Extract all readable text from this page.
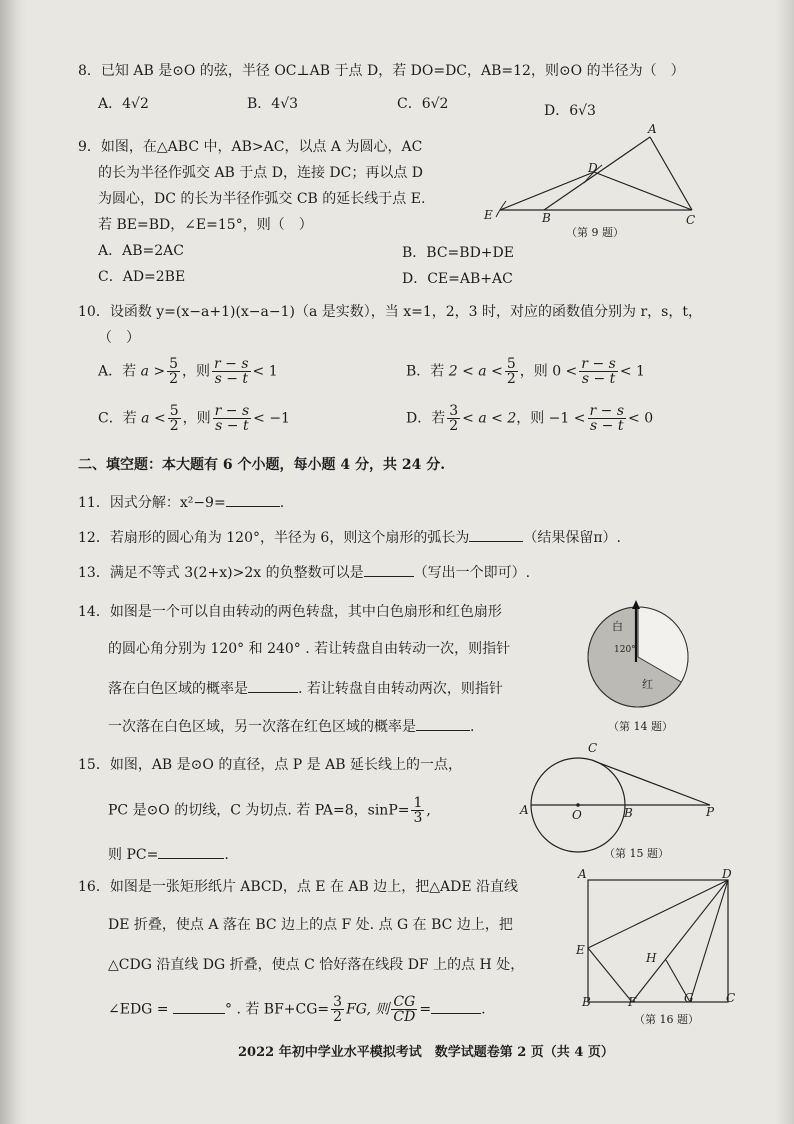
8．已知 AB 是⊙O 的弦，半径 OC⊥AB 于点 D，若 DO=DC，AB=12，则⊙O 的半径为（　）
A．4√2	B．4√3	C．6√2	D．6√3
9．如图，在△ABC 中，AB>AC，以点 A 为圆心，AC
的长为半径作弧交 AB 于点 D，连接 DC；再以点 D
为圆心，DC 的长为半径作弧交 CB 的延长线于点 E.
若 BE=BD，∠E=15°，则（　）
A．AB=2AC	B．BC=BD+DE
C．AD=2BE	D．CE=AB+AC
A
D
E	B	C
（第 9 题）
10．设函数 y=(x−a+1)(x−a−1)（a 是实数），当 x=1，2，3 时，对应的函数值分别为 r，s，t，
（　）
A．若 $a > \frac{5}{2}$ ，则 $\frac{r - s}{s - t} < 1$	B．若 $2 < a < \frac{5}{2}$ ，则 $0 < \frac{r - s}{s - t} < 1$
C．若 $a < \frac{5}{2}$ ，则 $\frac{r - s}{s - t} < -1$	D．若 $\frac{3}{2} < a < 2$，则 $-1 < \frac{r - s}{s - t} < 0$
二、填空题：本大题有 6 个小题，每小题 4 分，共 24 分.
11．因式分解：x²−9=	.
12．若扇形的圆心角为 120°，半径为 6，则这个扇形的弧长为	（结果保留π）.
13．满足不等式 3(2+x)>2x 的负整数可以是	（写出一个即可）.
14．如图是一个可以自由转动的两色转盘，其中白色扇形和红色扇形
的圆心角分别为 120° 和 240° . 若让转盘自由转动一次，则指针
落在白色区域的概率是	. 若让转盘自由转动两次，则指针
一次落在白色区域，另一次落在红色区域的概率是	.
白
120°
红
（第 14 题）
15．如图，AB 是⊙O 的直径，点 P 是 AB 延长线上的一点，
PC 是⊙O 的切线，C 为切点. 若 PA=8，$\sin P= \frac{1}{3}$ ,
则 PC=	.
C
A	O	B	P
（第 15 题）
16．如图是一张矩形纸片 ABCD，点 E 在 AB 边上，把△ADE 沿直线
DE 折叠，使点 A 落在 BC 边上的点 F 处. 点 G 在 BC 边上，把
△CDG 沿直线 DG 折叠，使点 C 恰好落在线段 DF 上的点 H 处，
∠EDG =	° . 若 $BF+CG= \frac{3}{2}$ FG, 则 $\frac{CG}{CD}$ =	.
A	D
E
H
B	F	G	C
（第 16 题）
2022 年初中学业水平模拟考试　数学试题卷第 2 页（共 4 页）
